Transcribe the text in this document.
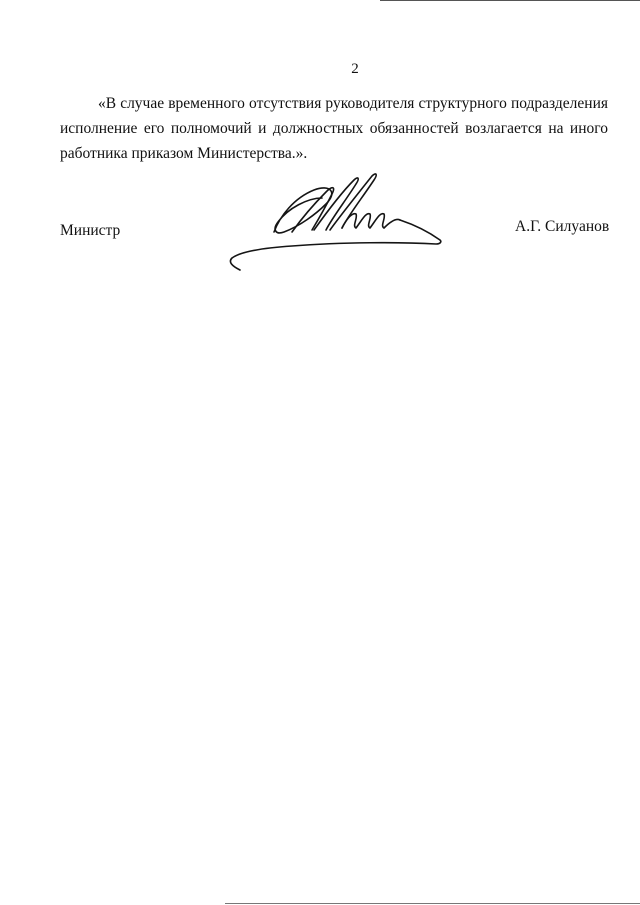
2
«В случае временного отсутствия руководителя структурного подразделения
исполнение его полномочий и должностных обязанностей возлагается на иного
работника приказом Министерства.».
Министр	А.Г. Силуанов
